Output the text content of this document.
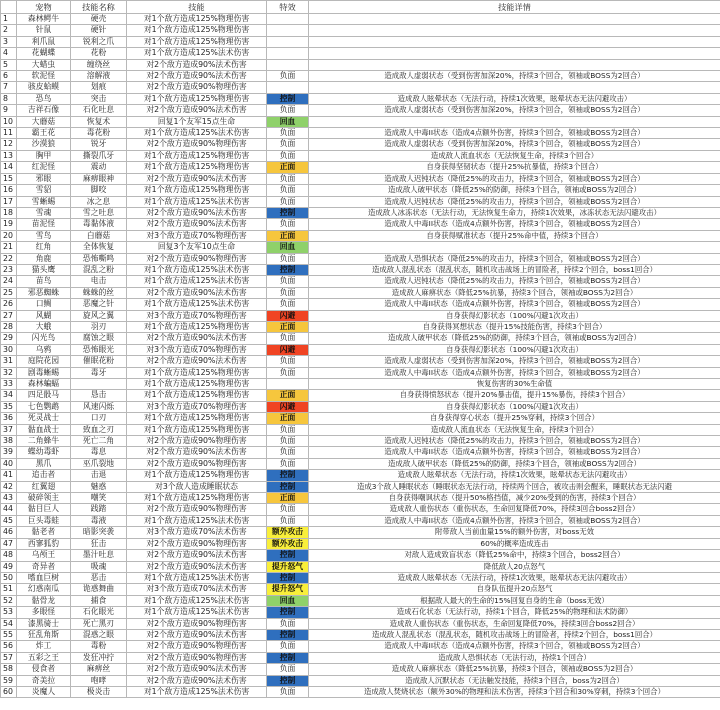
	宠物	技能名称	技能	特效	技能详情
1	森林鳄牛	硬壳	对1个敌方造成125%物理伤害		
2	针鼠	硬针	对1个敌方造成125%物理伤害		
3	利爪鼠	锐利之爪	对1个敌方造成125%物理伤害		
4	花蝴蝶	花粉	对1个敌方造成125%法术伤害		
5	大蜡虫	缠绕丝	对2个敌方造成90%法术伤害		
6	软泥怪	溶解液	对2个敌方造成90%法术伤害	负面	造成敌人虚弱状态（受到伤害加深20%，持续3个回合，领袖或BOSS为2回合）
7	骇皮蛤蟆	划痕	对2个敌方造成90%物理伤害		
8	恐鸟	突击	对1个敌方造成125%物理伤害	控制	造成敌人眩晕状态（无法行动，持续1次效果，眩晕状态无法闪避攻击）
9	吉祥石像	石化吐息	对2个敌方造成90%法术伤害	负面	造成敌人虚弱状态（受到伤害加深20%，持续3个回合，领袖或BOSS为2回合）
10	大蘑菇	恢复术	回复1个友军15点生命	回血	
11	霸王花	毒花粉	对1个敌方造成125%法术伤害	负面	造成敌人中毒II状态（造成4点额外伤害，持续3个回合，领袖或BOSS为2回合）
12	沙漠狼	锐牙	对2个敌方造成90%物理伤害	负面	造成敌人虚弱状态（受到伤害加深20%，持续3个回合，领袖或BOSS为2回合）
13	胸甲	撕裂爪牙	对1个敌方造成125%物理伤害	负面	造成敌人流血状态（无法恢复生命，持续3个回合）
14	红泥怪	震动	对1个敌方造成125%物理伤害	正面	自身获得坚韧状态（提升25%抗暴值，持续3个回合）
15	邪眼	麻痹眼神	对2个敌方造成90%法术伤害	负面	造成敌人迟钝状态（降低25%的攻击力，持续3个回合，领袖或BOSS为2回合）
16	雪貂	脚咬	对1个敌方造成125%物理伤害	负面	造成敌人破甲状态（降低25%的防御，持续3个回合，领袖或BOSS为2回合）
17	雪蜥蜴	冰之息	对1个敌方造成125%法术伤害	负面	造成敌人迟钝状态（降低25%的攻击力，持续3个回合，领袖或BOSS为2回合）
18	雪魂	雪之吐息	对2个敌方造成90%法术伤害	控制	造成敌人冰冻状态（无法行动，无法恢复生命力，持续1次效果，冰冻状态无法闪避攻击）
19	苗泥怪	毒黏体液	对2个敌方造成90%法术伤害	负面	造成敌人中毒II状态（造成4点额外伤害，持续3个回合，领袖或BOSS为2回合）
20	雪鸟	白蘑菇	对3个敌方造成70%物理伤害	正面	自身获得赋准状态（提升25%命中值，持续3个回合）
21	红角	全体恢复	回复3个友军10点生命	回血	
22	角鹿	恐怖嘶鸣	对2个敌方造成90%物理伤害	负面	造成敌人恐惧状态（降低25%的攻击力，持续3个回合，领袖或BOSS为2回合）
23	猫头鹰	混乱之粉	对1个敌方造成125%法术伤害	控制	造成敌人混乱状态（混乱状态，随机攻击战场上的冒险者，持续2个回合，boss1回合）
24	苗鸟	电击	对1个敌方造成125%法术伤害	负面	造成敌人迟钝状态（降低25%的攻击力，持续3个回合，领袖或BOSS为2回合）
25	邪恶蜘蛛	蛛蛛的丝	对2个敌方造成90%法术伤害	负面	造成敌人麻痹状态（降低25%抗暴，持续3个回合，领袖或BOSS为2回合）
26	口鲷	恶魔之针	对1个敌方造成125%法术伤害	负面	造成敌人中毒II状态（造成4点额外伤害，持续3个回合，领袖或BOSS为2回合）
27	风蝴	旋风之翼	对3个敌方造成70%物理伤害	闪避	自身获得幻影状态（100%闪避1次攻击）
28	大蛾	羽刃	对1个敌方造成125%物理伤害	正面	自身获得冥想状态（提升15%技能伤害，持续3个回合）
29	闪光鸟	腐蚀之眼	对2个敌方造成90%法术伤害	负面	造成敌人破甲状态（降低25%的防御，持续3个回合，领袖或BOSS为2回合）
30	乌鸦	恐怖眼光	对3个敌方造成70%物理伤害	闪避	自身获得幻影状态（100%闪避1次攻击）
31	庭院花园	催眠花粉	对2个敌方造成90%法术伤害	负面	造成敌人虚弱状态（受到伤害加深20%，持续3个回合，领袖或BOSS为2回合）
32	剧毒蜥蜴	毒牙	对1个敌方造成125%物理伤害	负面	造成敌人中毒II状态（造成4点额外伤害，持续3个回合，领袖或BOSS为2回合）
33	森林蝙蝠		对1个敌方造成125%物理伤害		恢复伤害的30%生命值
34	四足骰马	恳击	对1个敌方造成125%物理伤害	正面	自身获得愤怒状态（提升20%暴击值，提升15%暴伤，持续3个回合）
35	七色鹦鹉	风速闪烁	对3个敌方造成70%物理伤害	闪避	自身获得幻影状态（100%闪避1次攻击）
36	死灵战士	口刃	对1个敌方造成125%物理伤害	正面	自身获得穿心状态（提升25%穿刺，持续3个回合）
37	骷血战士	致血之刃	对1个敌方造成125%物理伤害	负面	造成敌人流血状态（无法恢复生命，持续3个回合）
38	二角蜂牛	死亡二角	对2个敌方造成90%物理伤害	负面	造成敌人迟钝状态（降低25%的攻击力，持续3个回合，领袖或BOSS为2回合）
39	蝶幼毒虾	毒息	对2个敌方造成90%法术伤害	负面	造成敌人中毒II状态（造成4点额外伤害，持续3个回合，领袖或BOSS为2回合）
40	黑爪	巫爪裂地	对2个敌方造成90%物理伤害	负面	造成敌人破甲状态（降低25%的防御，持续3个回合，领袖或BOSS为2回合）
41	追击者	击退	对1个敌方造成125%物理伤害	控制	造成敌人眩晕状态（无法行动，持续1次效果，眩晕状态无法闪避攻击）
42	红翼翅	魅惑	对3个敌人造成睡眠状态	控制	造成3个敌人睡眠状态（睡眠状态无法行动，持续两个回合，被攻击则会醒来，睡眠状态无法闪避
43	破碎领主	嘲笑	对1个敌方造成125%物理伤害	正面	自身获得嘲讽状态（提升50%格挡值，减少20%受到的伤害，持续3个回合）
44	骷目巨人	践踏	对2个敌方造成90%物理伤害	负面	造成敌人重伤状态（重伤状态，生命回复降低70%，持续3回合boss2回合）
45	巨头毒蛙	毒液	对1个敌方造成125%法术伤害	负面	造成敌人中毒II状态（造成4点额外伤害，持续3个回合，领袖或BOSS为2回合）
46	骷老者	暗影突袭	对3个敌方造成70%法术伤害	额外攻击	附带敌人当前血量15%的额外伤害，对boss无效
47	西寥狐豹	狂击	对2个敌方造成90%物理伤害	额外攻击	60%的概率造成连击
48	乌颅王	墨汁吐息	对2个敌方造成90%法术伤害	控制	对敌人造成致盲状态（降低25%命中，持续3个回合，boss2回合）
49	奇异者	吸魂	对2个敌方造成90%法术伤害	提升怒气	降低敌人20点怒气
50	嗜血巨树	恶击	对1个敌方造成125%法术伤害	控制	造成敌人眩晕状态（无法行动，持续1次效果，眩晕状态无法闪避攻击）
51	幻惑南瓜	诡惑舞曲	对3个敌方造成70%法术伤害	提升怒气	自身队伍提升20点怒气
52	骷骨龙	捕食	对1个敌方造成125%法术伤害	回血	根据敌人最大的生命的15%回复自身的生命（boss无效）
53	多眼怪	石化眼光	对1个敌方造成125%法术伤害	控制	造成石化状态（无法行动，持续1个回合，降低25%的物理和法术防御）
54	漆黑骑士	死亡黑刃	对2个敌方造成90%物理伤害	负面	造成敌人重伤状态（重伤状态，生命回复降低70%，持续3回合boss2回合）
55	狂乱角斯	混惑之眼	对2个敌方造成90%法术伤害	控制	造成敌人混乱状态（混乱状态，随机攻击战场上的冒险者，持续2个回合，boss1回合）
56	炸工	毒粉	对2个敌方造成90%物理伤害	负面	造成敌人中毒II状态（造成4点额外伤害，持续3个回合，领袖或BOSS为2回合）
57	五彩之王	发狂冲拧	对2个敌方造成90%物理伤害	控制	造成敌人恐惧状态（无法行动，持续1个回合）
58	侵食者	麻痹丝	对2个敌方造成90%法术伤害	负面	造成敌人麻痹状态（降低25%抗暴，持续3个回合，领袖或BOSS为2回合）
59	奇美拉	咆哮	对2个敌方造成90%法术伤害	控制	造成敌人沉默状态（无法触发技能，持续3个回合，boss为2回合）
60	炎魔人	极炎击	对1个敌方造成125%法术伤害	负面	造成敌人焚烧状态（额外30%的物理和法术伤害，持续3个回合和30%穿刺，持续3个回合）
